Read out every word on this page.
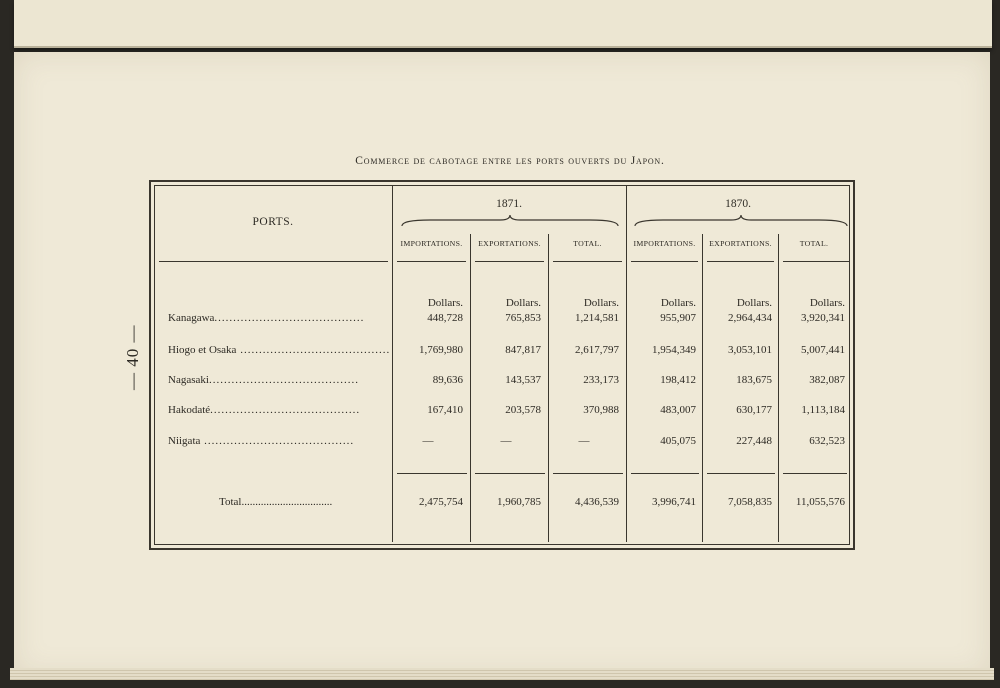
— 40 —
Commerce de cabotage entre les ports ouverts du Japon.
PORTS.
1871.	1870.
IMPORTATIONS.	EXPORTATIONS.	TOTAL.	IMPORTATIONS.	EXPORTATIONS.	TOTAL.
Dollars.	Dollars.	Dollars.	Dollars.	Dollars.	Dollars.
Kanagawa........................................	448,728	765,853	1,214,581	955,907	2,964,434	3,920,341
Hiogo et Osaka ........................................	1,769,980	847,817	2,617,797	1,954,349	3,053,101	5,007,441
Nagasaki........................................	89,636	143,537	233,173	198,412	183,675	382,087
Hakodaté........................................	167,410	203,578	370,988	483,007	630,177	1,113,184
Niigata ........................................	—	—	—	405,075	227,448	632,523
Total.................................	2,475,754	1,960,785	4,436,539	3,996,741	7,058,835	11,055,576
